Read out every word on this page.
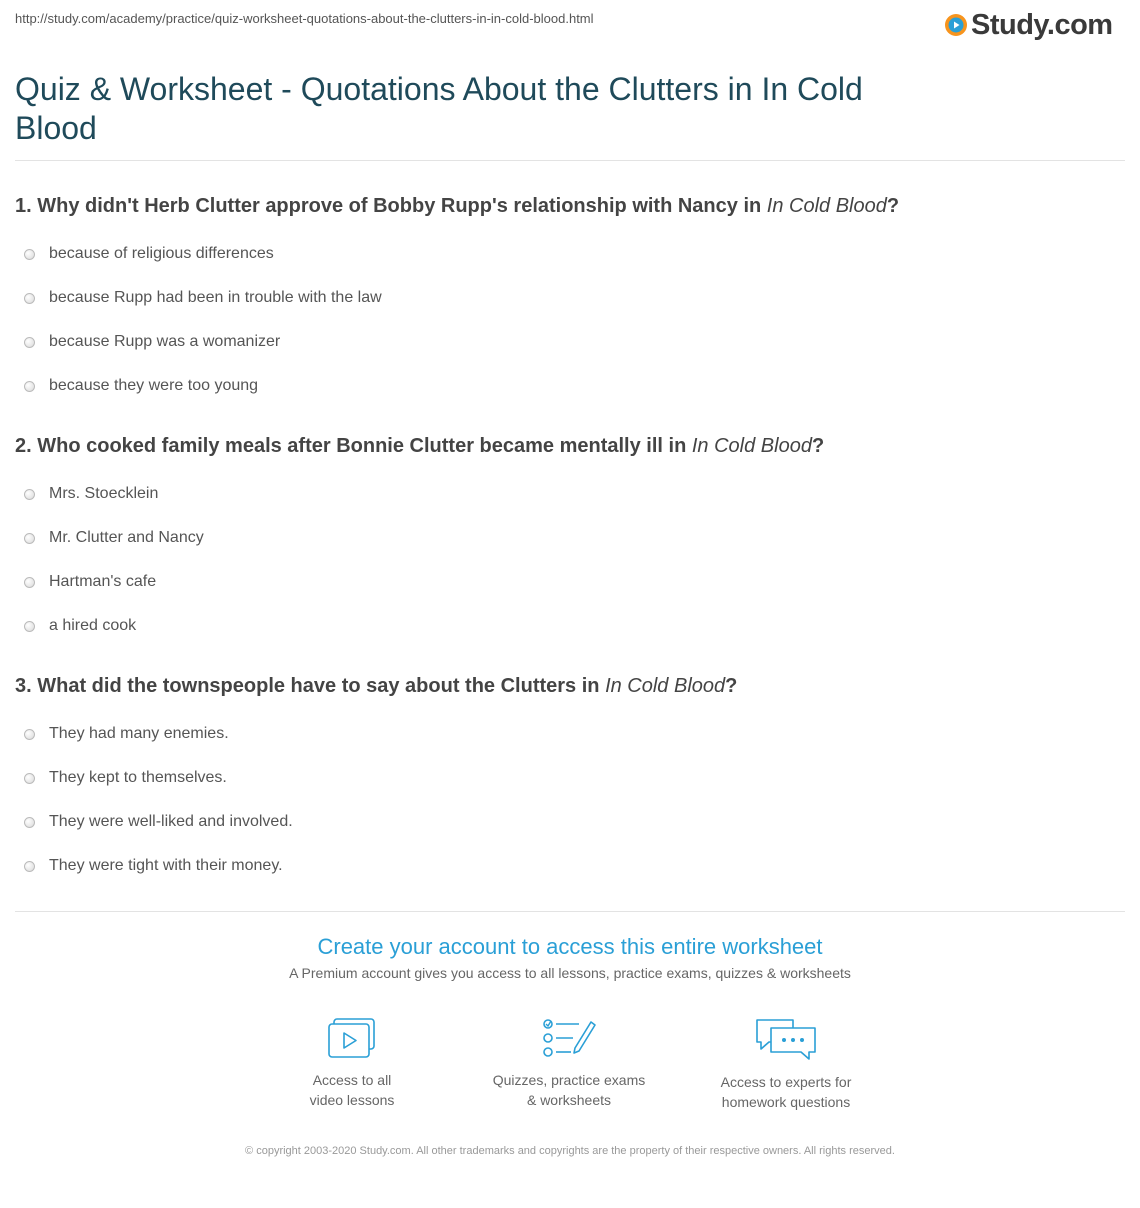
http://study.com/academy/practice/quiz-worksheet-quotations-about-the-clutters-in-in-cold-blood.html	Study.com
Quiz & Worksheet - Quotations About the Clutters in In Cold Blood

1. Why didn't Herb Clutter approve of Bobby Rupp's relationship with Nancy in In Cold Blood?

because of religious differences
because Rupp had been in trouble with the law
because Rupp was a womanizer
because they were too young

2. Who cooked family meals after Bonnie Clutter became mentally ill in In Cold Blood?

Mrs. Stoecklein
Mr. Clutter and Nancy
Hartman's cafe
a hired cook

3. What did the townspeople have to say about the Clutters in In Cold Blood?

They had many enemies.
They kept to themselves.
They were well-liked and involved.
They were tight with their money.

Create your account to access this entire worksheet

A Premium account gives you access to all lessons, practice exams, quizzes & worksheets
Access to all
video lessons
Quizzes, practice exams
& worksheets
Access to experts for
homework questions
© copyright 2003-2020 Study.com. All other trademarks and copyrights are the property of their respective owners. All rights reserved.
